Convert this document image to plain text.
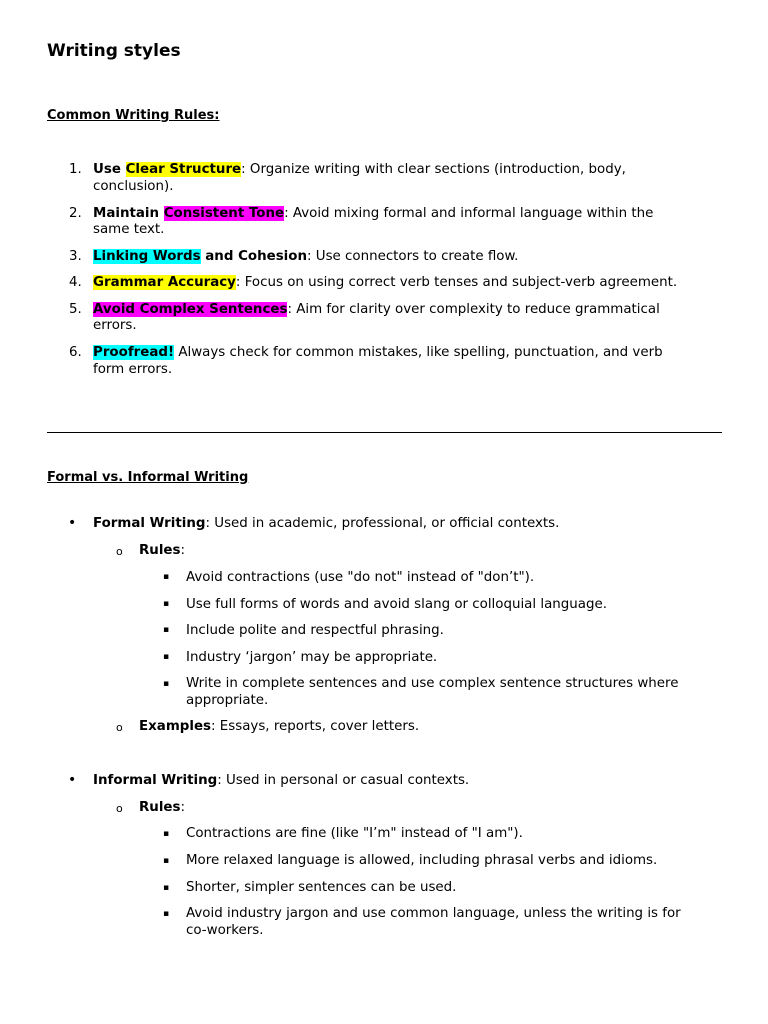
Writing styles
Common Writing Rules:
1. Use Clear Structure: Organize writing with clear sections (introduction, body,
conclusion).
2. Maintain Consistent Tone: Avoid mixing formal and informal language within the
same text.
3. Linking Words and Cohesion: Use connectors to create flow.
4. Grammar Accuracy: Focus on using correct verb tenses and subject-verb agreement.
5. Avoid Complex Sentences: Aim for clarity over complexity to reduce grammatical
errors.
6. Proofread! Always check for common mistakes, like spelling, punctuation, and verb
form errors.
Formal vs. Informal Writing
• Formal Writing: Used in academic, professional, or official contexts.
o Rules:
▪ Avoid contractions (use "do not" instead of "don’t").
▪ Use full forms of words and avoid slang or colloquial language.
▪ Include polite and respectful phrasing.
▪ Industry ‘jargon’ may be appropriate.
▪ Write in complete sentences and use complex sentence structures where
appropriate.
o Examples: Essays, reports, cover letters.
• Informal Writing: Used in personal or casual contexts.
o Rules:
▪ Contractions are fine (like "I’m" instead of "I am").
▪ More relaxed language is allowed, including phrasal verbs and idioms.
▪ Shorter, simpler sentences can be used.
▪ Avoid industry jargon and use common language, unless the writing is for
co-workers.
